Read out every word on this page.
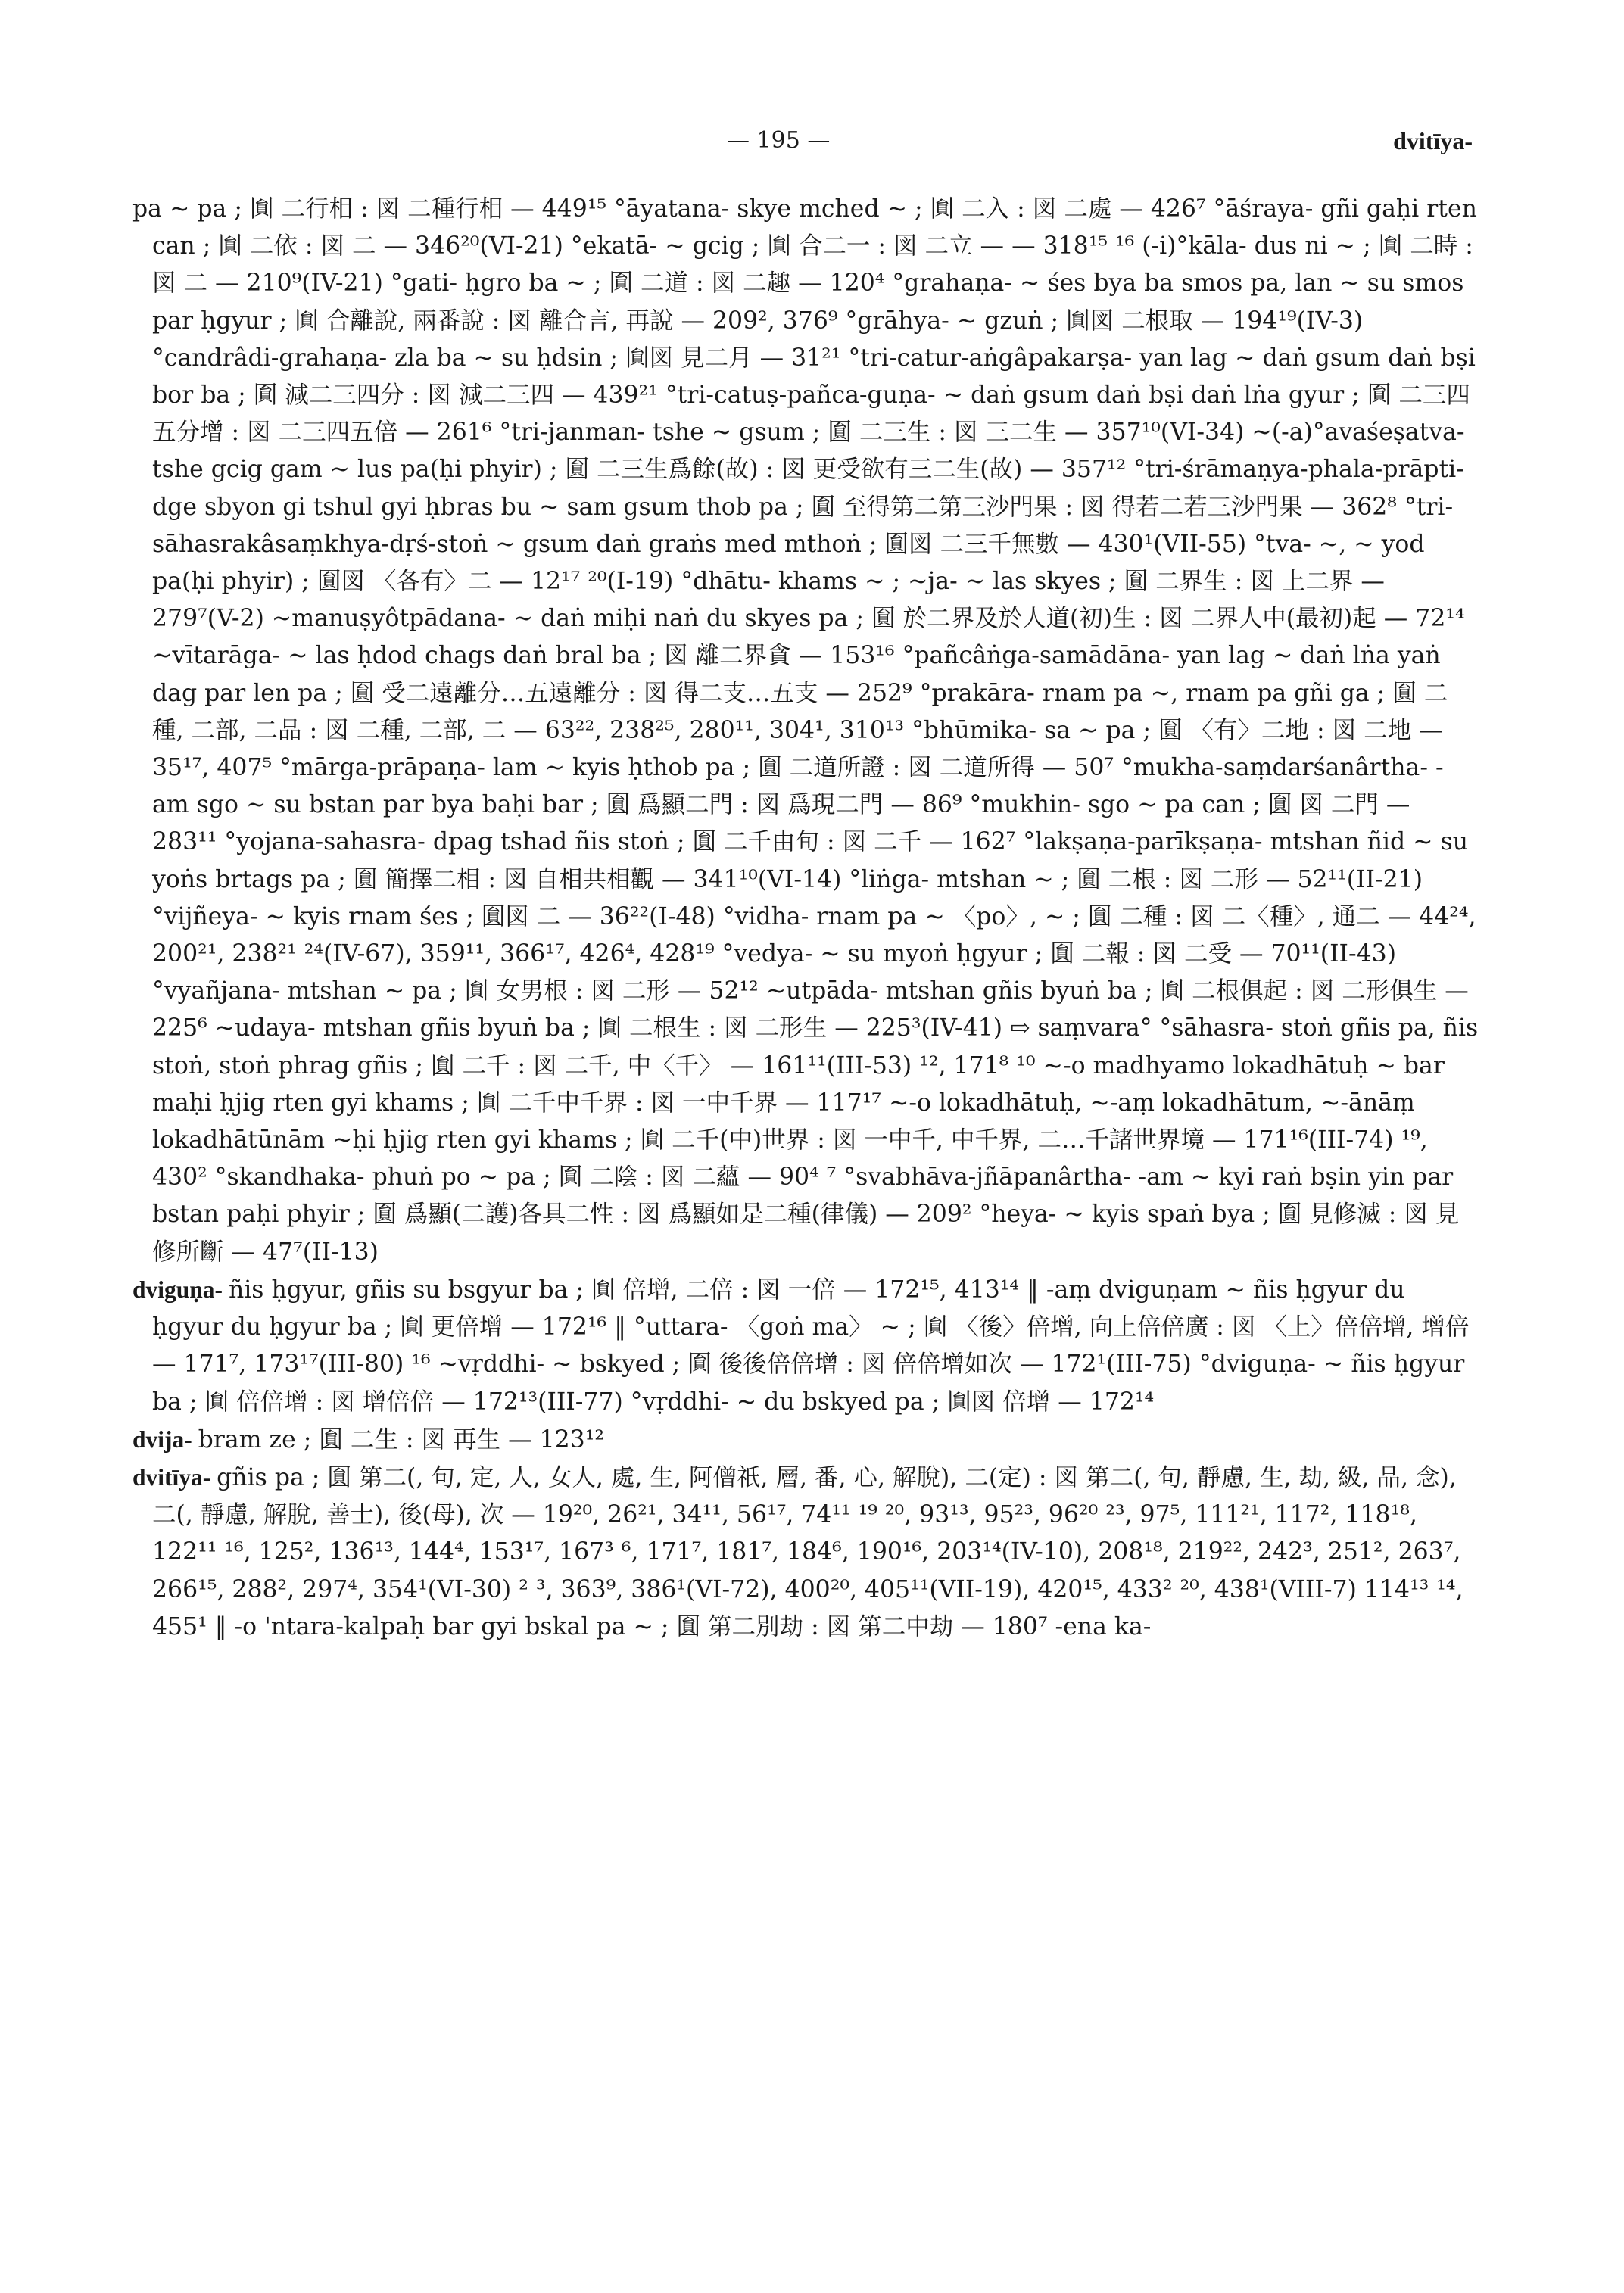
— 195 —	dvitīya-

pa ~ pa ; 圎 二行相 : 図 二種行相 — 449¹⁵ °āyatana- skye mched ~ ; 圎 二入 : 図 二處 — 426⁷ °āśraya- gñi gaḥi rten can ; 圎 二依 : 図 二 — 346²⁰(VI-21) °ekatā- ~ gcig ; 圎 合二一 : 図 二立 — — 318¹⁵ ¹⁶ (-i)°kāla- dus ni ~ ; 圎 二時 : 図 二 — 210⁹(IV-21) °gati- ḥgro ba ~ ; 圎 二道 : 図 二趣 — 120⁴ °grahaṇa- ~ śes bya ba smos pa, lan ~ su smos par ḥgyur ; 圎 合離說, 兩番說 : 図 離合言, 再說 — 209², 376⁹ °grāhya- ~ gzuṅ ; 圎図 二根取 — 194¹⁹(IV-3) °candrâdi-grahaṇa- zla ba ~ su ḥdsin ; 圎図 見二月 — 31²¹ °tri-catur-aṅgâpakarṣa- yan lag ~ daṅ gsum daṅ bṣi bor ba ; 圎 減二三四分 : 図 減二三四 — 439²¹ °tri-catuṣ-pañca-guṇa- ~ daṅ gsum daṅ bṣi daṅ lṅa gyur ; 圎 二三四五分增 : 図 二三四五倍 — 261⁶ °tri-janman- tshe ~ gsum ; 圎 二三生 : 図 三二生 — 357¹⁰(VI-34) ~(-a)°avaśeṣatva- tshe gcig gam ~ lus pa(ḥi phyir) ; 圎 二三生爲餘(故) : 図 更受欲有三二生(故) — 357¹² °tri-śrāmaṇya-phala-prāpti- dge sbyon gi tshul gyi ḥbras bu ~ sam gsum thob pa ; 圎 至得第二第三沙門果 : 図 得若二若三沙門果 — 362⁸ °tri-sāhasrakâsaṃkhya-dṛś-stoṅ ~ gsum daṅ graṅs med mthoṅ ; 圎図 二三千無數 — 430¹(VII-55) °tva- ~, ~ yod pa(ḥi phyir) ; 圎図 〈各有〉二 — 12¹⁷ ²⁰(I-19) °dhātu- khams ~ ; ~ja- ~ las skyes ; 圎 二界生 : 図 上二界 — 279⁷(V-2) ~manuṣyôtpādana- ~ daṅ miḥi naṅ du skyes pa ; 圎 於二界及於人道(初)生 : 図 二界人中(最初)起 — 72¹⁴ ~vītarāga- ~ las ḥdod chags daṅ bral ba ; 図 離二界貪 — 153¹⁶ °pañcâṅga-samādāna- yan lag ~ daṅ lṅa yaṅ dag par len pa ; 圎 受二遠離分…五遠離分 : 図 得二支…五支 — 252⁹ °prakāra- rnam pa ~, rnam pa gñi ga ; 圎 二種, 二部, 二品 : 図 二種, 二部, 二 — 63²², 238²⁵, 280¹¹, 304¹, 310¹³ °bhūmika- sa ~ pa ; 圎 〈有〉二地 : 図 二地 — 35¹⁷, 407⁵ °mārga-prāpaṇa- lam ~ kyis ḥthob pa ; 圎 二道所證 : 図 二道所得 — 50⁷ °mukha-saṃdarśanârtha- -am sgo ~ su bstan par bya baḥi bar ; 圎 爲顯二門 : 図 爲現二門 — 86⁹ °mukhin- sgo ~ pa can ; 圎 図 二門 — 283¹¹ °yojana-sahasra- dpag tshad ñis stoṅ ; 圎 二千由旬 : 図 二千 — 162⁷ °lakṣaṇa-parīkṣaṇa- mtshan ñid ~ su yoṅs brtags pa ; 圎 簡擇二相 : 図 自相共相觀 — 341¹⁰(VI-14) °liṅga- mtshan ~ ; 圎 二根 : 図 二形 — 52¹¹(II-21) °vijñeya- ~ kyis rnam śes ; 圎図 二 — 36²²(I-48) °vidha- rnam pa ~ 〈po〉, ~ ; 圎 二種 : 図 二〈種〉, 通二 — 44²⁴, 200²¹, 238²¹ ²⁴(IV-67), 359¹¹, 366¹⁷, 426⁴, 428¹⁹ °vedya- ~ su myoṅ ḥgyur ; 圎 二報 : 図 二受 — 70¹¹(II-43) °vyañjana- mtshan ~ pa ; 圎 女男根 : 図 二形 — 52¹² ~utpāda- mtshan gñis byuṅ ba ; 圎 二根俱起 : 図 二形俱生 — 225⁶ ~udaya- mtshan gñis byuṅ ba ; 圎 二根生 : 図 二形生 — 225³(IV-41) ⇨ saṃvara° °sāhasra- stoṅ gñis pa, ñis stoṅ, stoṅ phrag gñis ; 圎 二千 : 図 二千, 中〈千〉 — 161¹¹(III-53) ¹², 171⁸ ¹⁰ ~-o madhyamo lokadhātuḥ ~ bar maḥi ḥjig rten gyi khams ; 圎 二千中千界 : 図 一中千界 — 117¹⁷ ~-o lokadhātuḥ, ~-aṃ lokadhātum, ~-ānāṃ lokadhātūnām ~ḥi ḥjig rten gyi khams ; 圎 二千(中)世界 : 図 一中千, 中千界, 二…千諸世界境 — 171¹⁶(III-74) ¹⁹, 430² °skandhaka- phuṅ po ~ pa ; 圎 二陰 : 図 二蘊 — 90⁴ ⁷ °svabhāva-jñāpanârtha- -am ~ kyi raṅ bṣin yin par bstan paḥi phyir ; 圎 爲顯(二護)各具二性 : 図 爲顯如是二種(律儀) — 209² °heya- ~ kyis spaṅ bya ; 圎 見修滅 : 図 見修所斷 — 47⁷(II-13)

dviguṇa- ñis ḥgyur, gñis su bsgyur ba ; 圎 倍增, 二倍 : 図 一倍 — 172¹⁵, 413¹⁴ ‖ -aṃ dviguṇam ~ ñis ḥgyur du ḥgyur du ḥgyur ba ; 圎 更倍增 — 172¹⁶ ‖ °uttara- 〈goṅ ma〉 ~ ; 圎 〈後〉倍增, 向上倍倍廣 : 図 〈上〉倍倍增, 增倍 — 171⁷, 173¹⁷(III-80) ¹⁶ ~vṛddhi- ~ bskyed ; 圎 後後倍倍增 : 図 倍倍增如次 — 172¹(III-75) °dviguṇa- ~ ñis ḥgyur ba ; 圎 倍倍增 : 図 增倍倍 — 172¹³(III-77) °vṛddhi- ~ du bskyed pa ; 圎図 倍增 — 172¹⁴

dvija- bram ze ; 圎 二生 : 図 再生 — 123¹²

dvitīya- gñis pa ; 圎 第二(, 句, 定, 人, 女人, 處, 生, 阿僧祇, 層, 番, 心, 解脫), 二(定) : 図 第二(, 句, 靜慮, 生, 劫, 級, 品, 念), 二(, 靜慮, 解脫, 善士), 後(母), 次 — 19²⁰, 26²¹, 34¹¹, 56¹⁷, 74¹¹ ¹⁹ ²⁰, 93¹³, 95²³, 96²⁰ ²³, 97⁵, 111²¹, 117², 118¹⁸, 122¹¹ ¹⁶, 125², 136¹³, 144⁴, 153¹⁷, 167³ ⁶, 171⁷, 181⁷, 184⁶, 190¹⁶, 203¹⁴(IV-10), 208¹⁸, 219²², 242³, 251², 263⁷, 266¹⁵, 288², 297⁴, 354¹(VI-30) ² ³, 363⁹, 386¹(VI-72), 400²⁰, 405¹¹(VII-19), 420¹⁵, 433² ²⁰, 438¹(VIII-7) 114¹³ ¹⁴, 455¹ ‖ -o 'ntara-kalpaḥ bar gyi bskal pa ~ ; 圎 第二別劫 : 図 第二中劫 — 180⁷ -ena ka-
